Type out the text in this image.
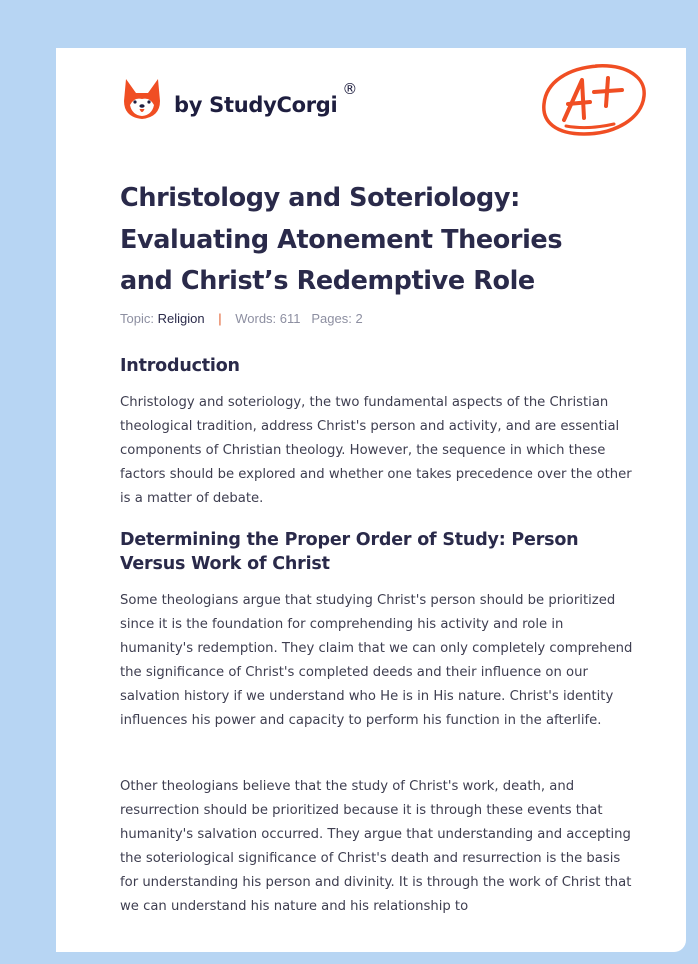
by StudyCorgi
®
Christology and Soteriology: Evaluating Atonement Theories and Christ’s Redemptive Role
Topic: Religion | Words: 611 Pages: 2
Introduction

Christology and soteriology, the two fundamental aspects of the Christian theological tradition, address Christ's person and activity, and are essential components of Christian theology. However, the sequence in which these factors should be explored and whether one takes precedence over the other is a matter of debate.

Determining the Proper Order of Study: Person Versus Work of Christ

Some theologians argue that studying Christ's person should be prioritized since it is the foundation for comprehending his activity and role in humanity's redemption. They claim that we can only completely comprehend the significance of Christ's completed deeds and their influence on our salvation history if we understand who He is in His nature. Christ's identity influences his power and capacity to perform his function in the afterlife.

Other theologians believe that the study of Christ's work, death, and resurrection should be prioritized because it is through these events that humanity's salvation occurred. They argue that understanding and accepting the soteriological significance of Christ's death and resurrection is the basis for understanding his person and divinity. It is through the work of Christ that we can understand his nature and his relationship to
